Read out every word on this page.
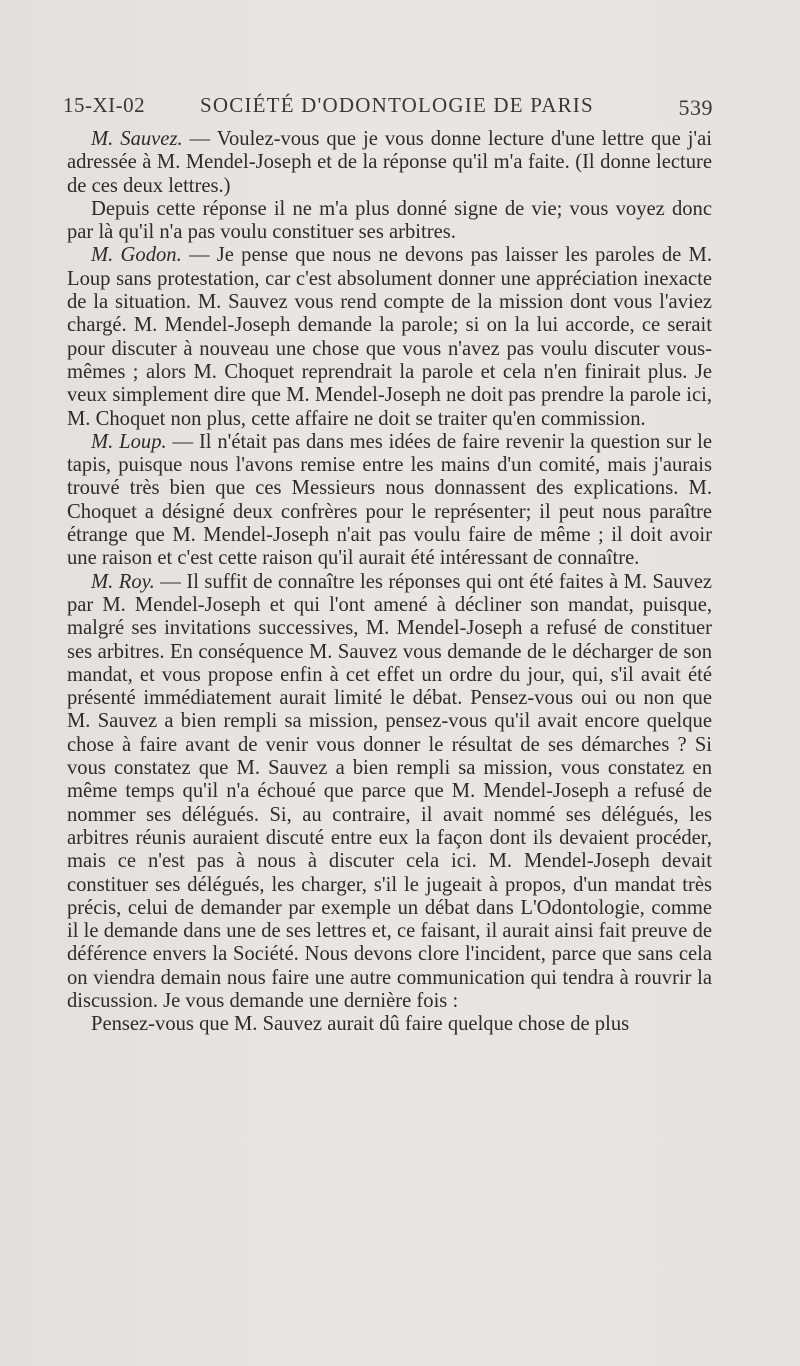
15-XI-02	SOCIÉTÉ D'ODONTOLOGIE DE PARIS	539

M. Sauvez. — Voulez-vous que je vous donne lecture d'une lettre que j'ai adressée à M. Mendel-Joseph et de la réponse qu'il m'a faite. (Il donne lecture de ces deux lettres.)

Depuis cette réponse il ne m'a plus donné signe de vie; vous voyez donc par là qu'il n'a pas voulu constituer ses arbitres.

M. Godon. — Je pense que nous ne devons pas laisser les paroles de M. Loup sans protestation, car c'est absolument donner une appréciation inexacte de la situation. M. Sauvez vous rend compte de la mission dont vous l'aviez chargé. M. Mendel-Joseph demande la parole; si on la lui accorde, ce serait pour discuter à nouveau une chose que vous n'avez pas voulu discuter vous-mêmes ; alors M. Choquet reprendrait la parole et cela n'en finirait plus. Je veux simplement dire que M. Mendel-Joseph ne doit pas prendre la parole ici, M. Choquet non plus, cette affaire ne doit se traiter qu'en commission.

M. Loup. — Il n'était pas dans mes idées de faire revenir la question sur le tapis, puisque nous l'avons remise entre les mains d'un comité, mais j'aurais trouvé très bien que ces Messieurs nous donnassent des explications. M. Choquet a désigné deux confrères pour le représenter; il peut nous paraître étrange que M. Mendel-Joseph n'ait pas voulu faire de même ; il doit avoir une raison et c'est cette raison qu'il aurait été intéressant de connaître.

M. Roy. — Il suffit de connaître les réponses qui ont été faites à M. Sauvez par M. Mendel-Joseph et qui l'ont amené à décliner son mandat, puisque, malgré ses invitations successives, M. Mendel-Joseph a refusé de constituer ses arbitres. En conséquence M. Sauvez vous demande de le décharger de son mandat, et vous propose enfin à cet effet un ordre du jour, qui, s'il avait été présenté immédiatement aurait limité le débat. Pensez-vous oui ou non que M. Sauvez a bien rempli sa mission, pensez-vous qu'il avait encore quelque chose à faire avant de venir vous donner le résultat de ses démarches ? Si vous constatez que M. Sauvez a bien rempli sa mission, vous constatez en même temps qu'il n'a échoué que parce que M. Mendel-Joseph a refusé de nommer ses délégués. Si, au contraire, il avait nommé ses délégués, les arbitres réunis auraient discuté entre eux la façon dont ils devaient procéder, mais ce n'est pas à nous à discuter cela ici. M. Mendel-Joseph devait constituer ses délégués, les charger, s'il le jugeait à propos, d'un mandat très précis, celui de demander par exemple un débat dans L'Odontologie, comme il le demande dans une de ses lettres et, ce faisant, il aurait ainsi fait preuve de déférence envers la Société. Nous devons clore l'incident, parce que sans cela on viendra demain nous faire une autre communication qui tendra à rouvrir la discussion. Je vous demande une dernière fois :

Pensez-vous que M. Sauvez aurait dû faire quelque chose de plus
